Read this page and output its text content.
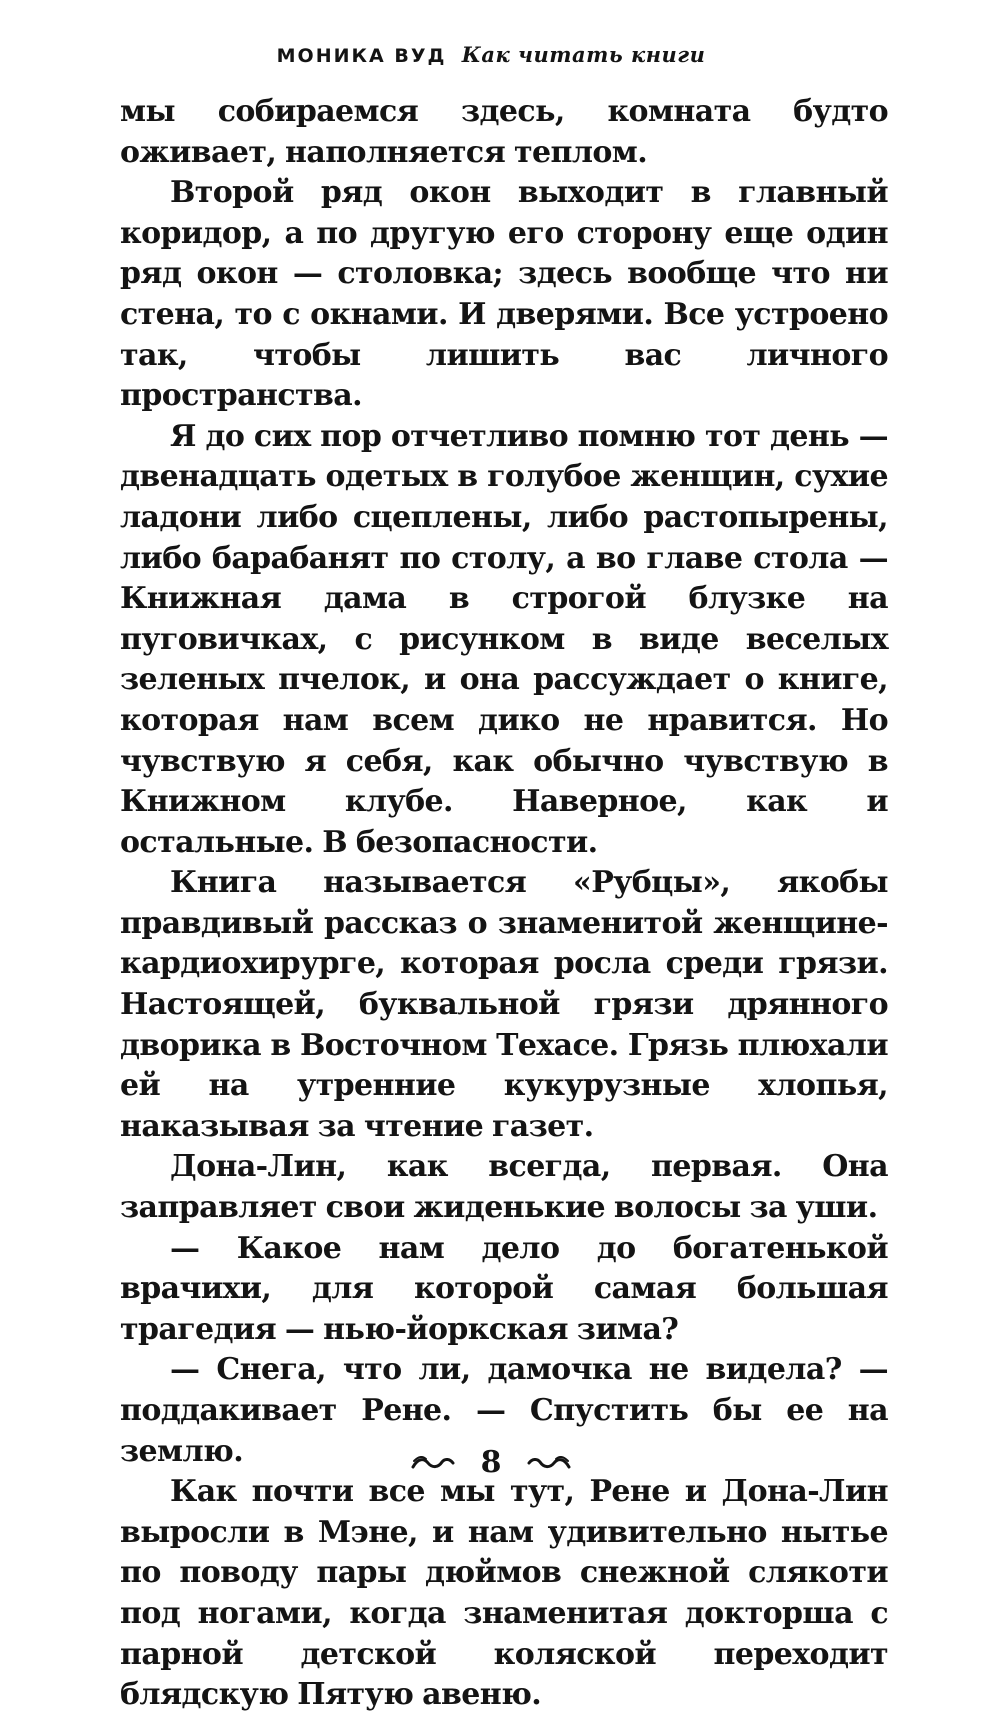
МОНИКА ВУД Как читать книги

мы собираемся здесь, комната будто оживает, наполняется теплом.

Второй ряд окон выходит в главный коридор, а по другую его сторону еще один ряд окон — столовка; здесь вообще что ни стена, то с окнами. И дверями. Все устроено так, чтобы лишить вас личного пространства.

Я до сих пор отчетливо помню тот день — двенадцать одетых в голубое женщин, сухие ладони либо сцеплены, либо растопырены, либо барабанят по столу, а во главе стола — Книжная дама в строгой блузке на пуговичках, с рисунком в виде веселых зеленых пчелок, и она рассуждает о книге, которая нам всем дико не нравится. Но чувствую я себя, как обычно чувствую в Книжном клубе. Наверное, как и остальные. В безопасности.

Книга называется «Рубцы», якобы правдивый рассказ о знаменитой женщине-кардиохирурге, которая росла среди грязи. Настоящей, буквальной грязи дрянного дворика в Восточном Техасе. Грязь плюхали ей на утренние кукурузные хлопья, наказывая за чтение газет.

Дона-Лин, как всегда, первая. Она заправляет свои жиденькие волосы за уши.

— Какое нам дело до богатенькой врачихи, для которой самая большая трагедия — нью-йоркская зима?

— Снега, что ли, дамочка не видела? — поддакивает Рене. — Спустить бы ее на землю.

Как почти все мы тут, Рене и Дона-Лин выросли в Мэне, и нам удивительно нытье по поводу пары дюймов снежной слякоти под ногами, когда знаменитая докторша с парной детской коляской переходит блядскую Пятую авеню.

8
